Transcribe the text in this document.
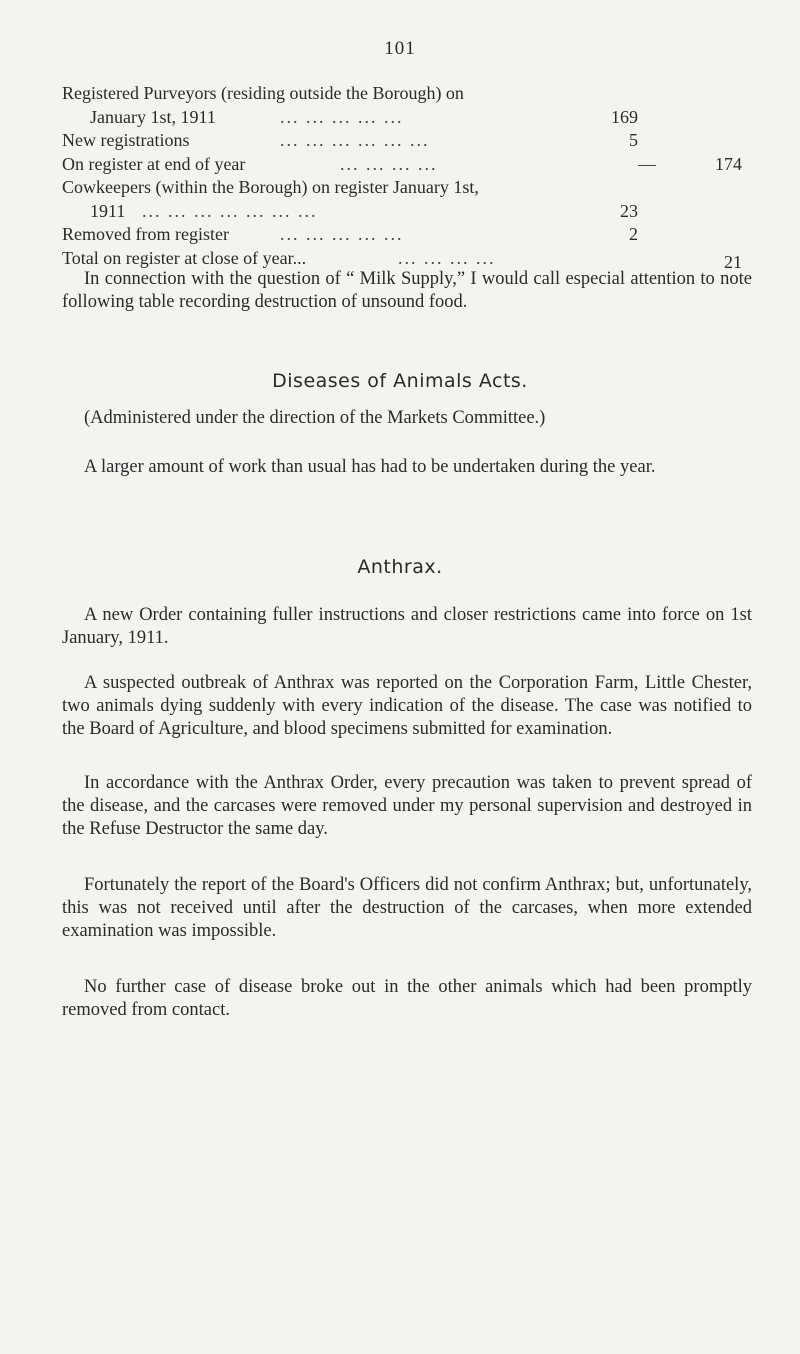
101
Registered Purveyors (residing outside the Borough) on
January 1st, 1911	... ... ... ... ...	169
New registrations	... ... ... ... ... ...	5
On register at end of year	... ... ... ...	—	174
Cowkeepers (within the Borough) on register January 1st,
1911 ... ... ... ... ... ... ...	23
Removed from register	... ... ... ... ...	2
Total on register at close of year...	... ... ... ...	21

In connection with the question of “ Milk Supply,” I would call especial attention to note following table recording destruction of unsound food.

Diseases of Animals Acts.
(Administered under the direction of the Markets Committee.)

A larger amount of work than usual has had to be undertaken during the year.

Anthrax.

A new Order containing fuller instructions and closer restrictions came into force on 1st January, 1911.

A suspected outbreak of Anthrax was reported on the Corporation Farm, Little Chester, two animals dying suddenly with every indication of the disease. The case was notified to the Board of Agriculture, and blood specimens submitted for examination.

In accordance with the Anthrax Order, every precaution was taken to prevent spread of the disease, and the carcases were removed under my personal supervision and destroyed in the Refuse Destructor the same day.

Fortunately the report of the Board's Officers did not confirm Anthrax; but, unfortunately, this was not received until after the destruction of the carcases, when more extended examination was impossible.

No further case of disease broke out in the other animals which had been promptly removed from contact.
